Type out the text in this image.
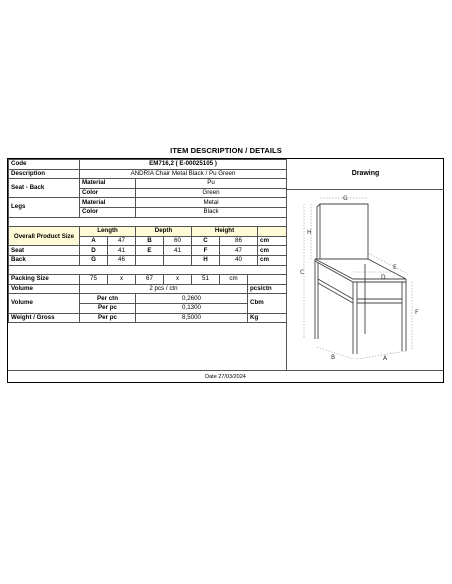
ITEM DESCRIPTION / DETAILS
Code	EM716,2 ( E-00025105 )							
Description	ANDRIA Chair Metal Black / Pu Green							
Seat - Back	Material		Pu					
	Color		Green					
Legs	Material		Metal					
	Color		Black					

Overall Product Size	Length		Depth		Height			
	A	47	B	60	C	86		cm
Seat	D	41	E	41	F	47		cm
Back	G	46			H	40		cm

Packing Size	75	x	67	x	51	cm		
Volume	2 pcs / ctn						pcs/ctn	
Volume	Per ctn		0,2600				Cbm	
	Per pc		0,1300					
Weight / Gross	Per pc		8,5000				Kg	
Drawing
G
H
C
E
D
F
B	A
Date 27/03/2024
